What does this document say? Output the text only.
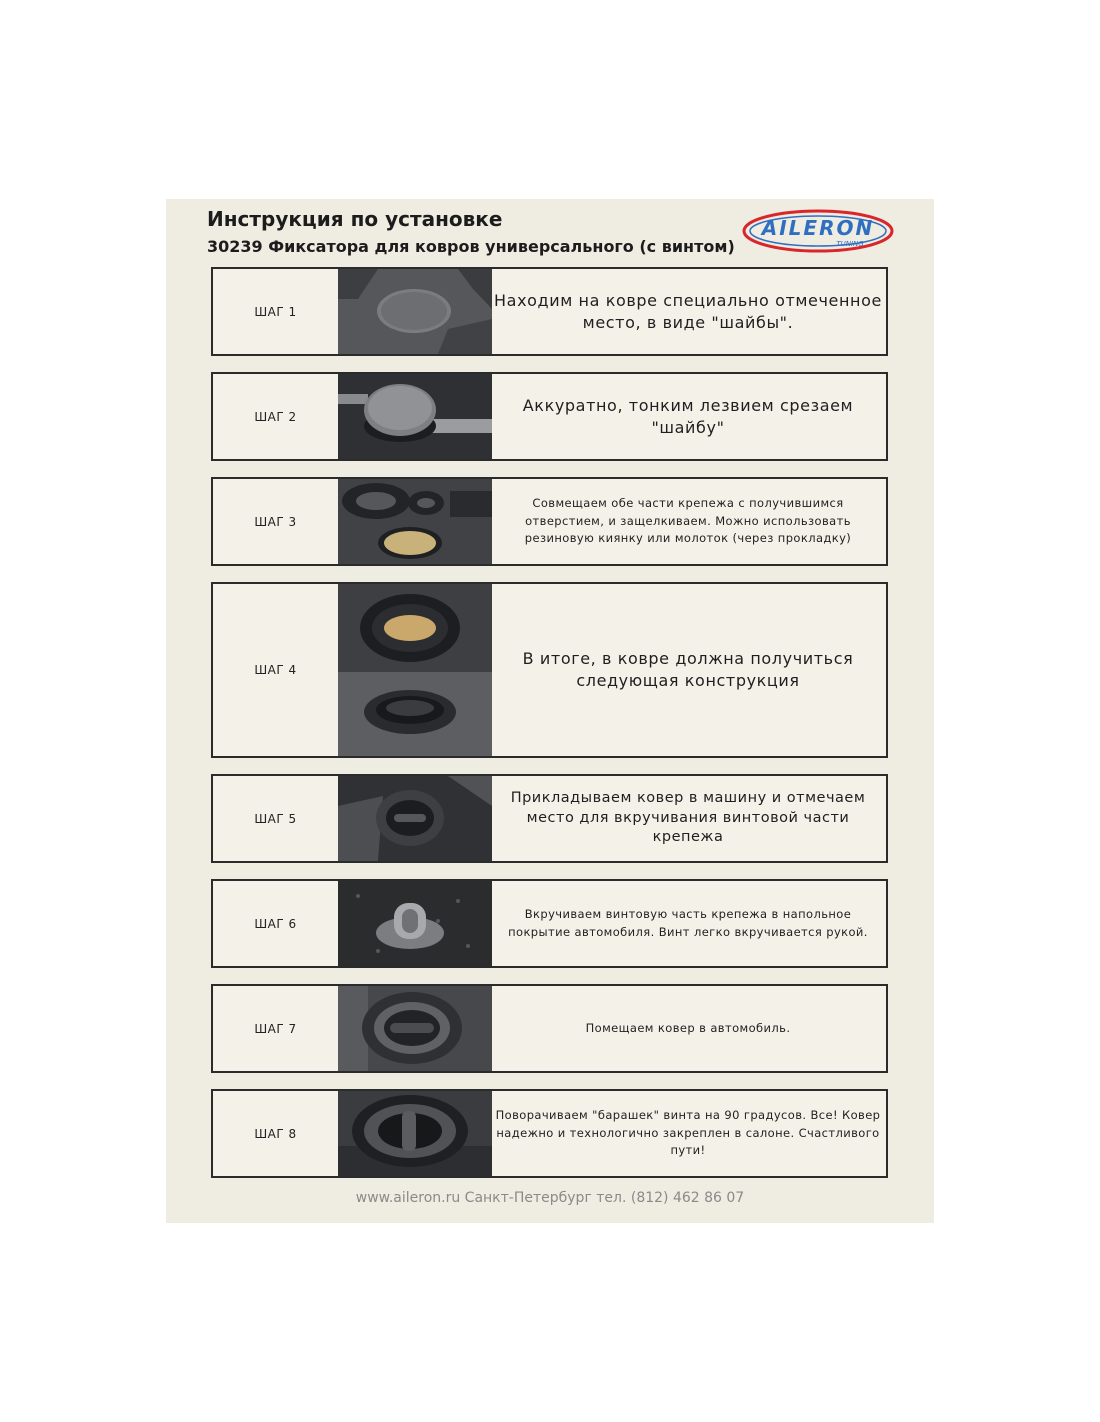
Инструкция по установке
30239 Фиксатора для ковров универсального (с винтом)
AILERON
TUNING
ШАГ 1
Находим на ковре специально отмеченное место, в виде "шайбы".
ШАГ 2
Аккуратно, тонким лезвием срезаем "шайбу"
ШАГ 3
Совмещаем обе части крепежа с получившимся отверстием, и защелкиваем. Можно использовать резиновую киянку или молоток (через прокладку)
ШАГ 4
В итоге, в ковре должна получиться следующая конструкция
ШАГ 5
Прикладываем ковер в машину и отмечаем место для вкручивания винтовой части крепежа
ШАГ 6
Вкручиваем винтовую часть крепежа в напольное покрытие автомобиля. Винт легко вкручивается рукой.
ШАГ 7	Помещаем ковер в автомобиль.
ШАГ 8
Поворачиваем "барашек" винта на 90 градусов. Все! Ковер надежно и технологично закреплен в салоне. Счастливого пути!
www.aileron.ru Санкт-Петербург тел. (812) 462 86 07
